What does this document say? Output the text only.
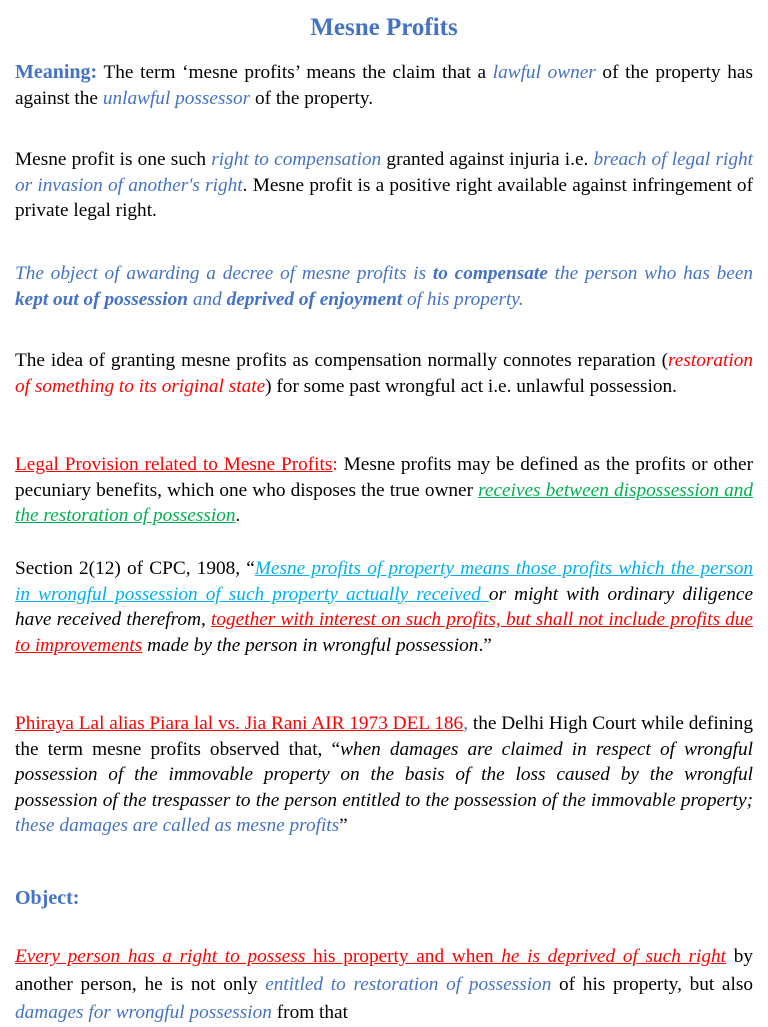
Mesne Profits
Meaning: The term ‘mesne profits’ means the claim that a lawful owner of the property has against the unlawful possessor of the property.
Mesne profit is one such right to compensation granted against injuria i.e. breach of legal right or invasion of another's right. Mesne profit is a positive right available against infringement of private legal right.
The object of awarding a decree of mesne profits is to compensate the person who has been kept out of possession and deprived of enjoyment of his property.
The idea of granting mesne profits as compensation normally connotes reparation (restoration of something to its original state) for some past wrongful act i.e. unlawful possession.
Legal Provision related to Mesne Profits: Mesne profits may be defined as the profits or other pecuniary benefits, which one who disposes the true owner receives between dispossession and the restoration of possession.
Section 2(12) of CPC, 1908, “Mesne profits of property means those profits which the person in wrongful possession of such property actually received or might with ordinary diligence have received therefrom, together with interest on such profits, but shall not include profits due to improvements made by the person in wrongful possession.”
Phiraya Lal alias Piara lal vs. Jia Rani AIR 1973 DEL 186, the Delhi High Court while defining the term mesne profits observed that, “when damages are claimed in respect of wrongful possession of the immovable property on the basis of the loss caused by the wrongful possession of the trespasser to the person entitled to the possession of the immovable property; these damages are called as mesne profits”
Object:
Every person has a right to possess his property and when he is deprived of such right by another person, he is not only entitled to restoration of possession of his property, but also damages for wrongful possession from that
